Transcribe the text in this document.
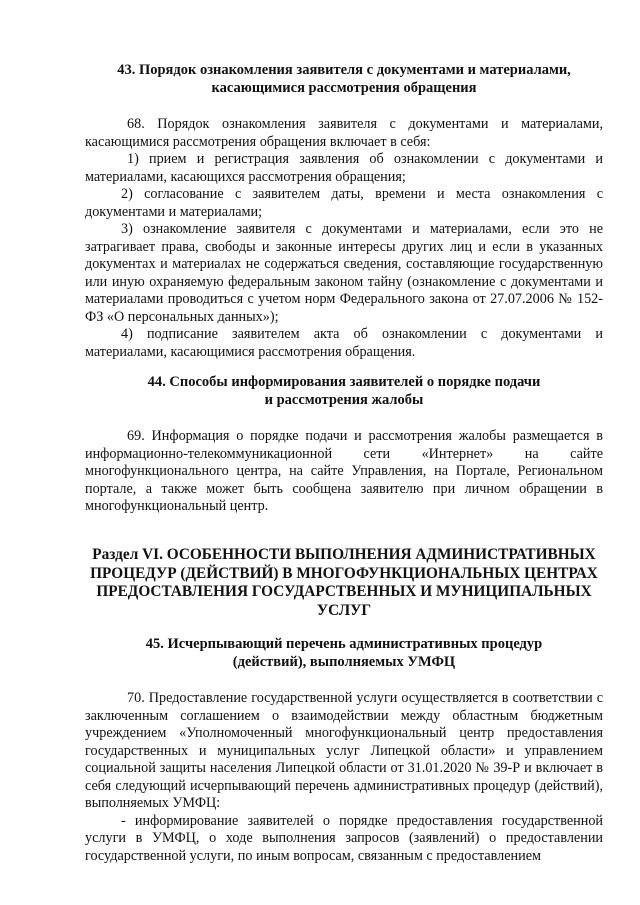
43. Порядок ознакомления заявителя с документами и материалами,
касающимися рассмотрения обращения

68. Порядок ознакомления заявителя с документами и материалами, касающимися рассмотрения обращения включает в себя:

1) прием и регистрация заявления об ознакомлении с документами и материалами, касающихся рассмотрения обращения;

2) согласование с заявителем даты, времени и места ознакомления с документами и материалами;

3) ознакомление заявителя с документами и материалами, если это не затрагивает права, свободы и законные интересы других лиц и если в указанных документах и материалах не содержаться сведения, составляющие государственную или иную охраняемую федеральным законом тайну (ознакомление с документами и материалами проводиться с учетом норм Федерального закона от 27.07.2006 № 152-ФЗ «О персональных данных»);

4) подписание заявителем акта об ознакомлении с документами и материалами, касающимися рассмотрения обращения.

44. Способы информирования заявителей о порядке подачи
и рассмотрения жалобы

69. Информация о порядке подачи и рассмотрения жалобы размещается в информационно-телекоммуникационной сети «Интернет» на сайте многофункционального центра, на сайте Управления, на Портале, Региональном портале, а также может быть сообщена заявителю при личном обращении в многофункциональный центр.

Раздел VI. ОСОБЕННОСТИ ВЫПОЛНЕНИЯ АДМИНИСТРАТИВНЫХ
ПРОЦЕДУР (ДЕЙСТВИЙ) В МНОГОФУНКЦИОНАЛЬНЫХ ЦЕНТРАХ
ПРЕДОСТАВЛЕНИЯ ГОСУДАРСТВЕННЫХ И МУНИЦИПАЛЬНЫХ
УСЛУГ
45. Исчерпывающий перечень административных процедур
(действий), выполняемых УМФЦ

70. Предоставление государственной услуги осуществляется в соответствии с заключенным соглашением о взаимодействии между областным бюджетным учреждением «Уполномоченный многофункциональный центр предоставления государственных и муниципальных услуг Липецкой области» и управлением социальной защиты населения Липецкой области от 31.01.2020 № 39-Р и включает в себя следующий исчерпывающий перечень административных процедур (действий), выполняемых УМФЦ:

- информирование заявителей о порядке предоставления государственной услуги в УМФЦ, о ходе выполнения запросов (заявлений) о предоставлении государственной услуги, по иным вопросам, связанным с предоставлением
